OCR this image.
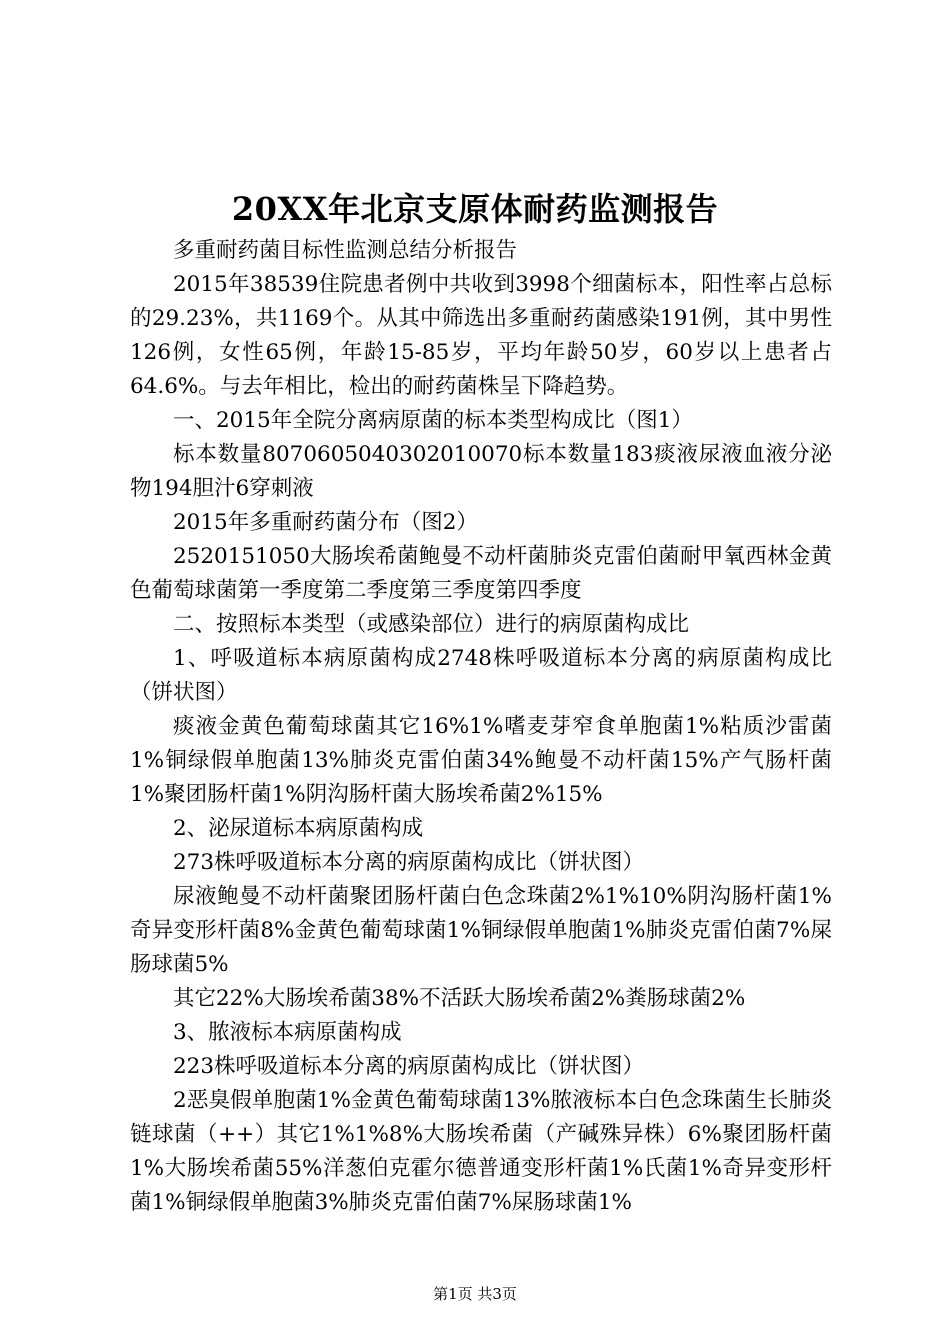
20XX年北京支原体耐药监测报告

多重耐药菌目标性监测总结分析报告

2015年38539住院患者例中共收到3998个细菌标本，阳性率占总标的29.23%，共1169个。从其中筛选出多重耐药菌感染191例，其中男性126例，女性65例，年龄15-85岁，平均年龄50岁，60岁以上患者占64.6%。与去年相比，检出的耐药菌株呈下降趋势。

一、2015年全院分离病原菌的标本类型构成比（图1）

标本数量8070605040302010070标本数量183痰液尿液血液分泌物194胆汁6穿刺液

2015年多重耐药菌分布（图2）

2520151050大肠埃希菌鲍曼不动杆菌肺炎克雷伯菌耐甲氧西林金黄色葡萄球菌第一季度第二季度第三季度第四季度

二、按照标本类型（或感染部位）进行的病原菌构成比

1、呼吸道标本病原菌构成2748株呼吸道标本分离的病原菌构成比（饼状图）

痰液金黄色葡萄球菌其它16%1%嗜麦芽窄食单胞菌1%粘质沙雷菌1%铜绿假单胞菌13%肺炎克雷伯菌34%鲍曼不动杆菌15%产气肠杆菌1%聚团肠杆菌1%阴沟肠杆菌大肠埃希菌2%15%

2、泌尿道标本病原菌构成

273株呼吸道标本分离的病原菌构成比（饼状图）

尿液鲍曼不动杆菌聚团肠杆菌白色念珠菌2%1%10%阴沟肠杆菌1%奇异变形杆菌8%金黄色葡萄球菌1%铜绿假单胞菌1%肺炎克雷伯菌7%屎肠球菌5%

其它22%大肠埃希菌38%不活跃大肠埃希菌2%粪肠球菌2%

3、脓液标本病原菌构成

223株呼吸道标本分离的病原菌构成比（饼状图）

2恶臭假单胞菌1%金黄色葡萄球菌13%脓液标本白色念珠菌生长肺炎链球菌（++）其它1%1%8%大肠埃希菌（产碱殊异株）6%聚团肠杆菌1%大肠埃希菌55%洋葱伯克霍尔德普通变形杆菌1%氏菌1%奇异变形杆菌1%铜绿假单胞菌3%肺炎克雷伯菌7%屎肠球菌1%

第1页 共3页
